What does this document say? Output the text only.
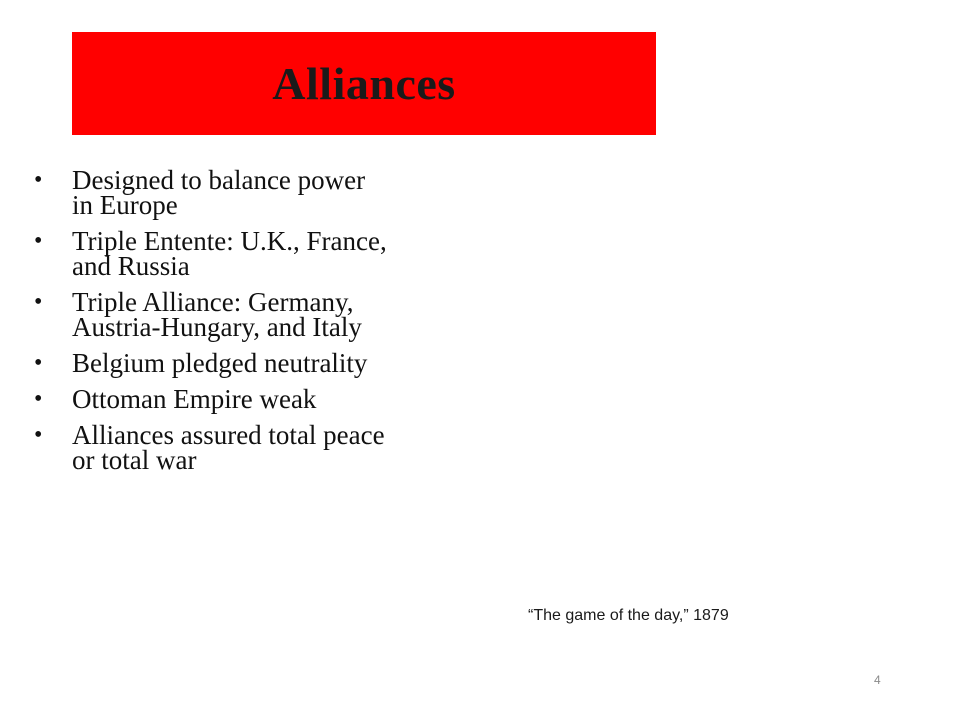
Alliances
• Designed to balance power in Europe
• Triple Entente: U.K., France, and Russia
• Triple Alliance: Germany, Austria-Hungary, and Italy
• Belgium pledged neutrality
• Ottoman Empire weak
• Alliances assured total peace or total war
“The game of the day,” 1879
4
